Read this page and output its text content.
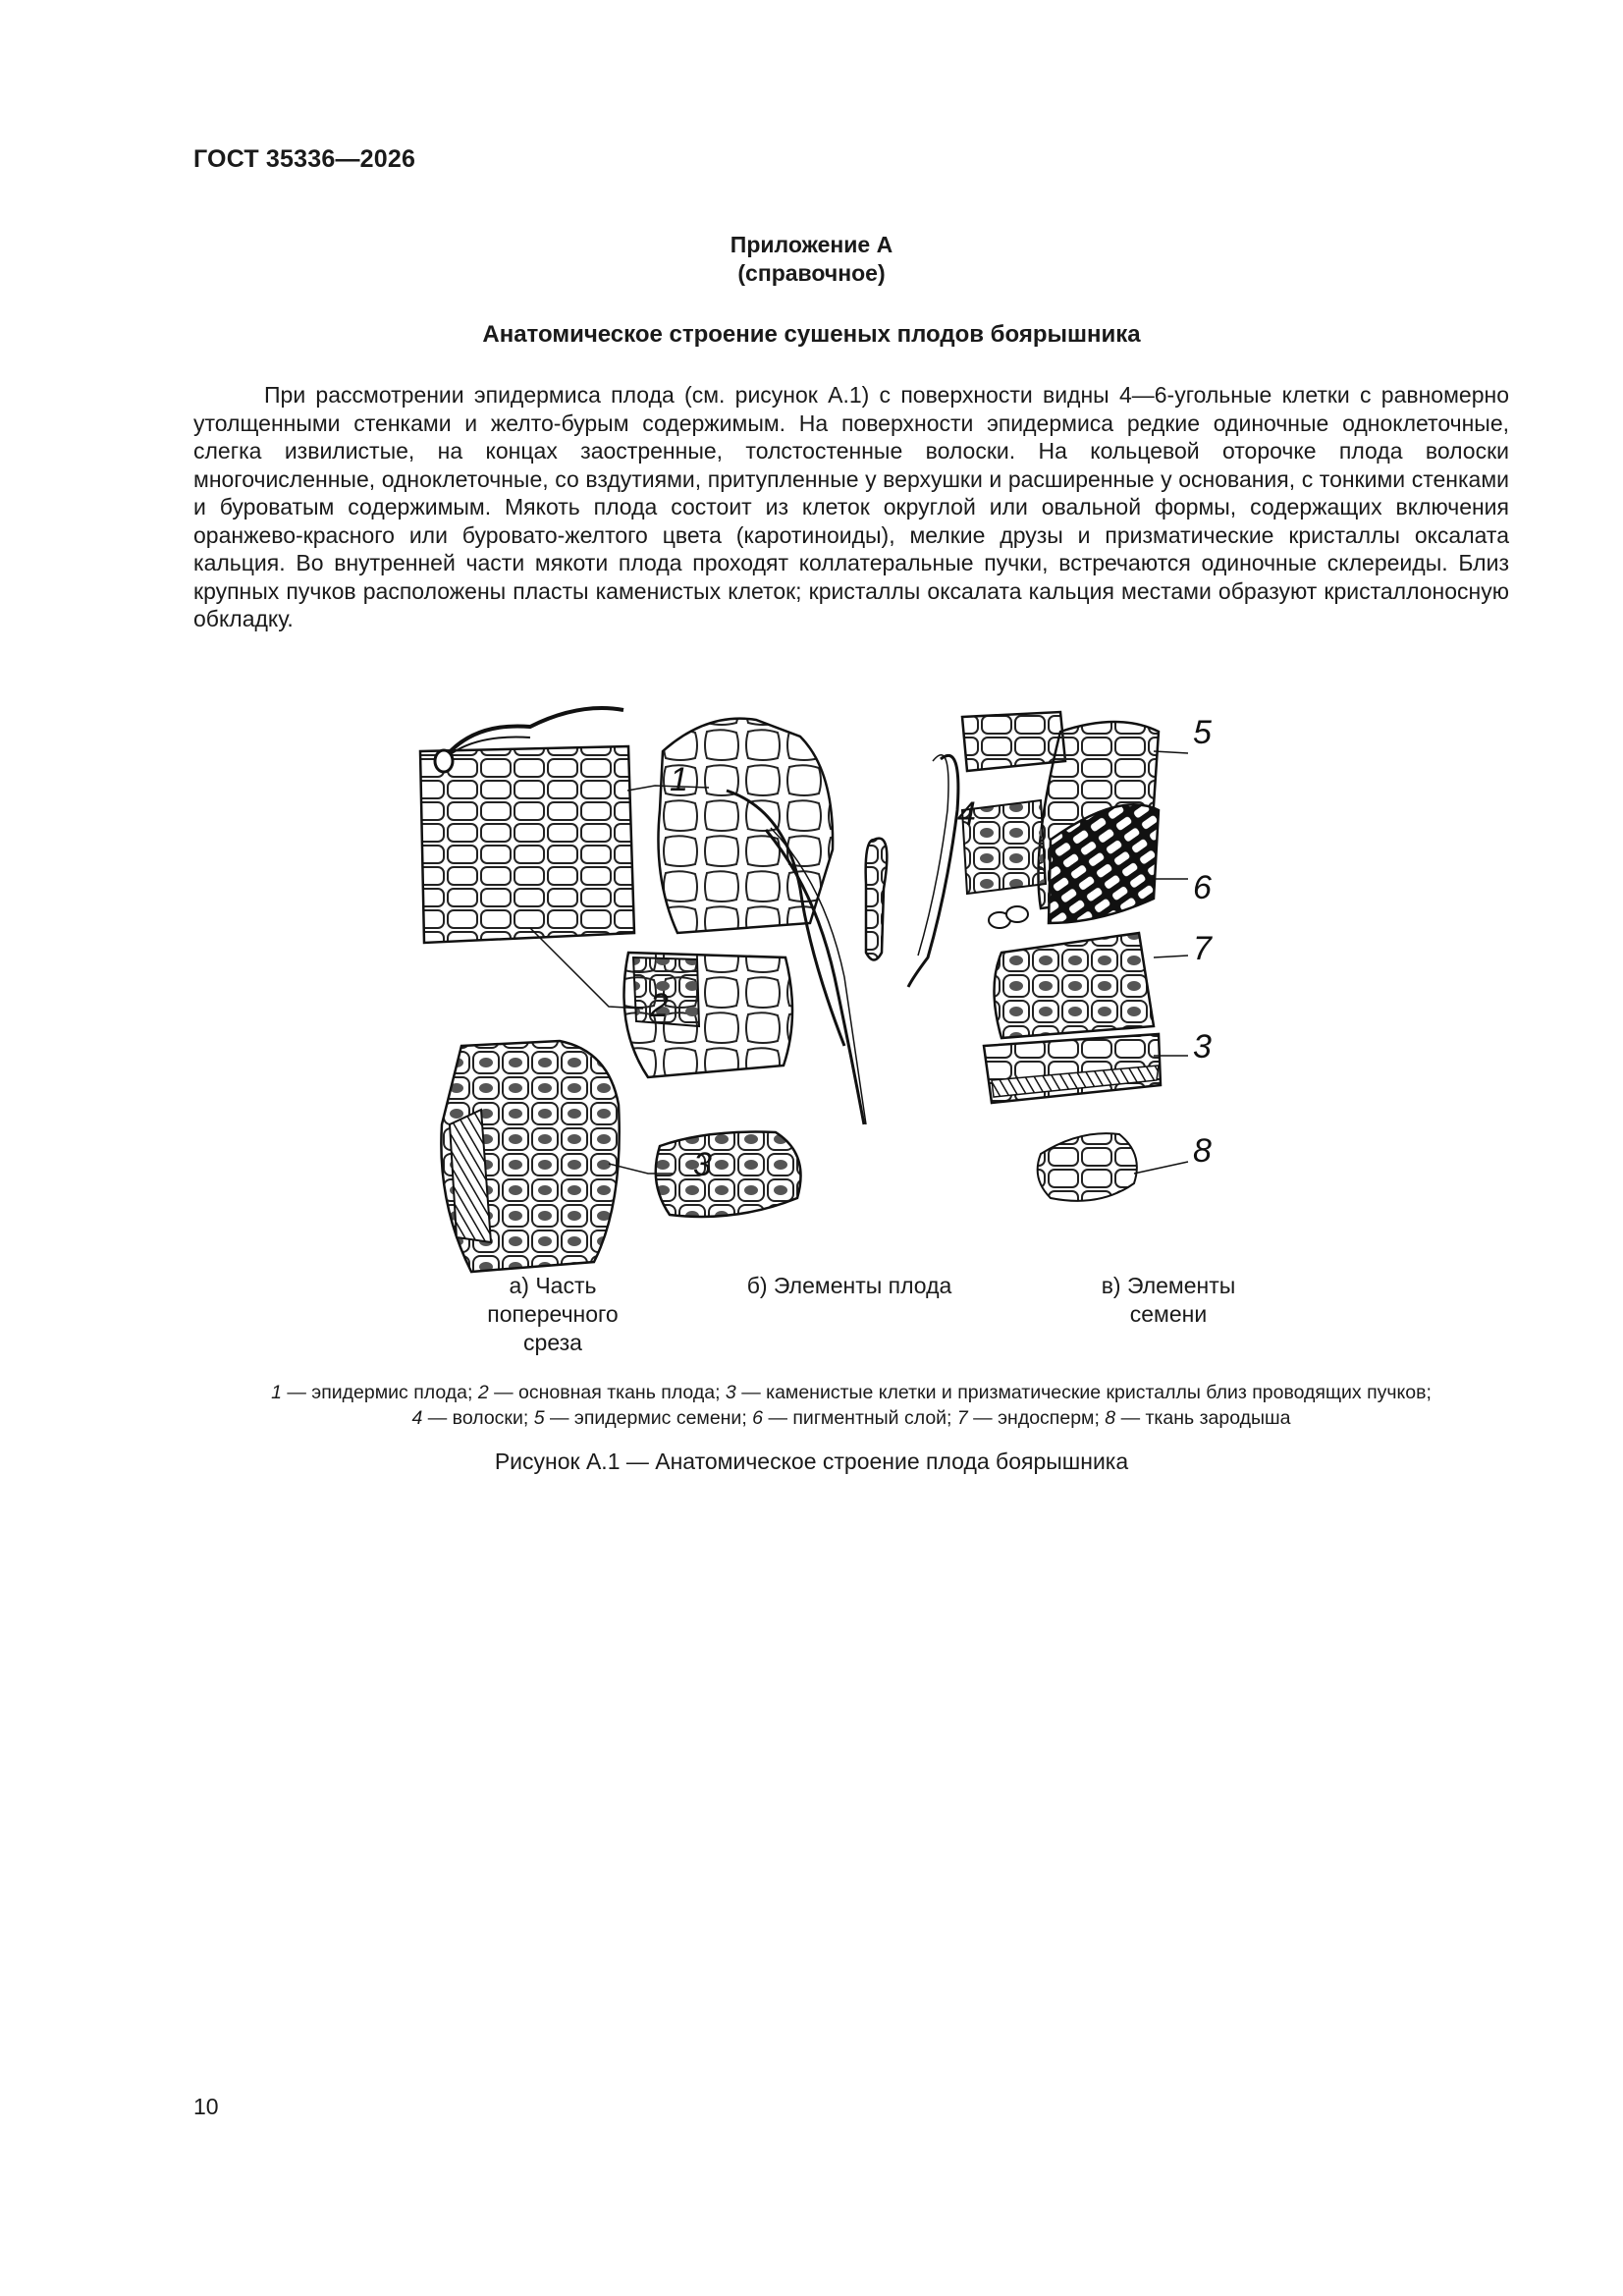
ГОСТ 35336—2026
Приложение А
(справочное)
Анатомическое строение сушеных плодов боярышника
При рассмотрении эпидермиса плода (см. рисунок А.1) с поверхности видны 4—6-угольные клетки с равномерно утолщенными стенками и желто-бурым содержимым. На поверхности эпидермиса редкие одиночные одноклеточные, слегка извилистые, на концах заостренные, толстостенные волоски. На кольцевой оторочке плода волоски многочисленные, одноклеточные, со вздутиями, притупленные у верхушки и расширенные у основания, с тонкими стенками и буроватым содержимым. Мякоть плода состоит из клеток округлой или овальной формы, содержащих включения оранжево-красного или буровато-желтого цвета (каротиноиды), мелкие друзы и призматические кристаллы оксалата кальция. Во внутренней части мякоти плода проходят коллатеральные пучки, встречаются одиночные склереиды. Близ крупных пучков расположены пласты каменистых клеток; кристаллы оксалата кальция местами образуют кристаллоносную обкладку.
1
2
3
4
5
6
7
3
8
а) Часть
поперечного
среза
б) Элементы плода	в) Элементы
семени
1 — эпидермис плода; 2 — основная ткань плода; 3 — каменистые клетки и призматические кристаллы близ проводящих пучков;
4 — волоски; 5 — эпидермис семени; 6 — пигментный слой; 7 — эндосперм; 8 — ткань зародыша
Рисунок А.1 — Анатомическое строение плода боярышника
10
